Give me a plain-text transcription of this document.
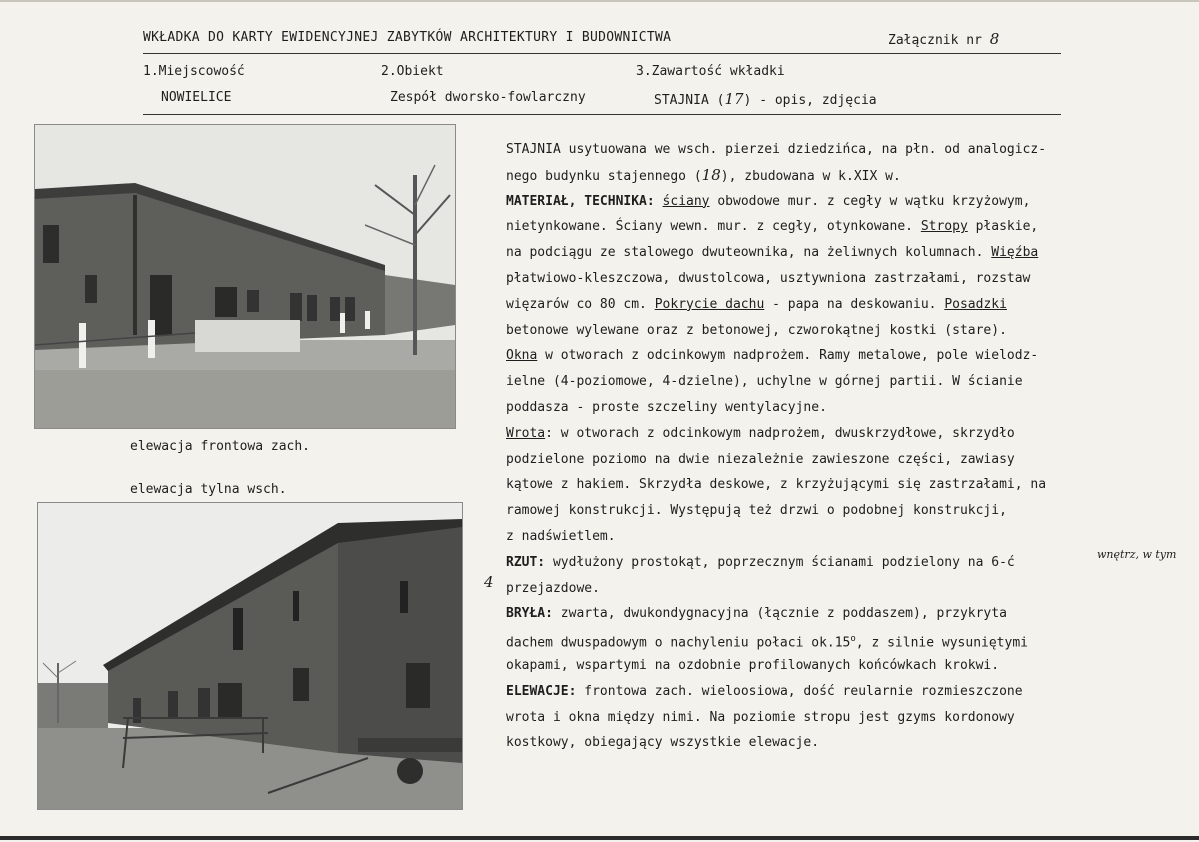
WKŁADKA DO KARTY EWIDENCYJNEJ ZABYTKÓW ARCHITEKTURY I BUDOWNICTWA	Załącznik nr 8
1.Miejscowość	2.Obiekt	3.Zawartość wkładki
NOWIELICE	Zespół dworsko-fowlarczny	STAJNIA (17) - opis, zdjęcia
elewacja frontowa zach.
elewacja tylna wsch.
STAJNIA usytuowana we wsch. pierzei dziedzińca, na płn. od analogicz-
nego budynku stajennego (18), zbudowana w k.XIX w.
MATERIAŁ, TECHNIKA: ściany obwodowe mur. z cegły w wątku krzyżowym,
nietynkowane. Ściany wewn. mur. z cegły, otynkowane. Stropy płaskie,
na podciągu ze stalowego dwuteownika, na żeliwnych kolumnach. Więźba
płatwiowo-kleszczowa, dwustolcowa, usztywniona zastrzałami, rozstaw
więzarów co 80 cm. Pokrycie dachu - papa na deskowaniu. Posadzki
betonowe wylewane oraz z betonowej, czworokątnej kostki (stare).
Okna w otworach z odcinkowym nadprożem. Ramy metalowe, pole wielodz-
ielne (4-poziomowe, 4-dzielne), uchylne w górnej partii. W ścianie
poddasza - proste szczeliny wentylacyjne.
Wrota: w otworach z odcinkowym nadprożem, dwuskrzydłowe, skrzydło
podzielone poziomo na dwie niezależnie zawieszone części, zawiasy
kątowe z hakiem. Skrzydła deskowe, z krzyżującymi się zastrzałami, na
ramowej konstrukcji. Występują też drzwi o podobnej konstrukcji,
z nadświetlem.
RZUT: wydłużony prostokąt, poprzecznym ścianami podzielony na 6-ć
przejazdowe.
BRYŁA: zwarta, dwukondygnacyjna (łącznie z poddaszem), przykryta
dachem dwuspadowym o nachyleniu połaci ok.15$^o$, z silnie wysuniętymi
okapami, wspartymi na ozdobnie profilowanych końcówkach krokwi.
ELEWACJE: frontowa zach. wieloosiowa, dość reularnie rozmieszczone
wrota i okna między nimi. Na poziomie stropu jest gzyms kordonowy
kostkowy, obiegający wszystkie elewacje.
wnętrz, w tym
4
